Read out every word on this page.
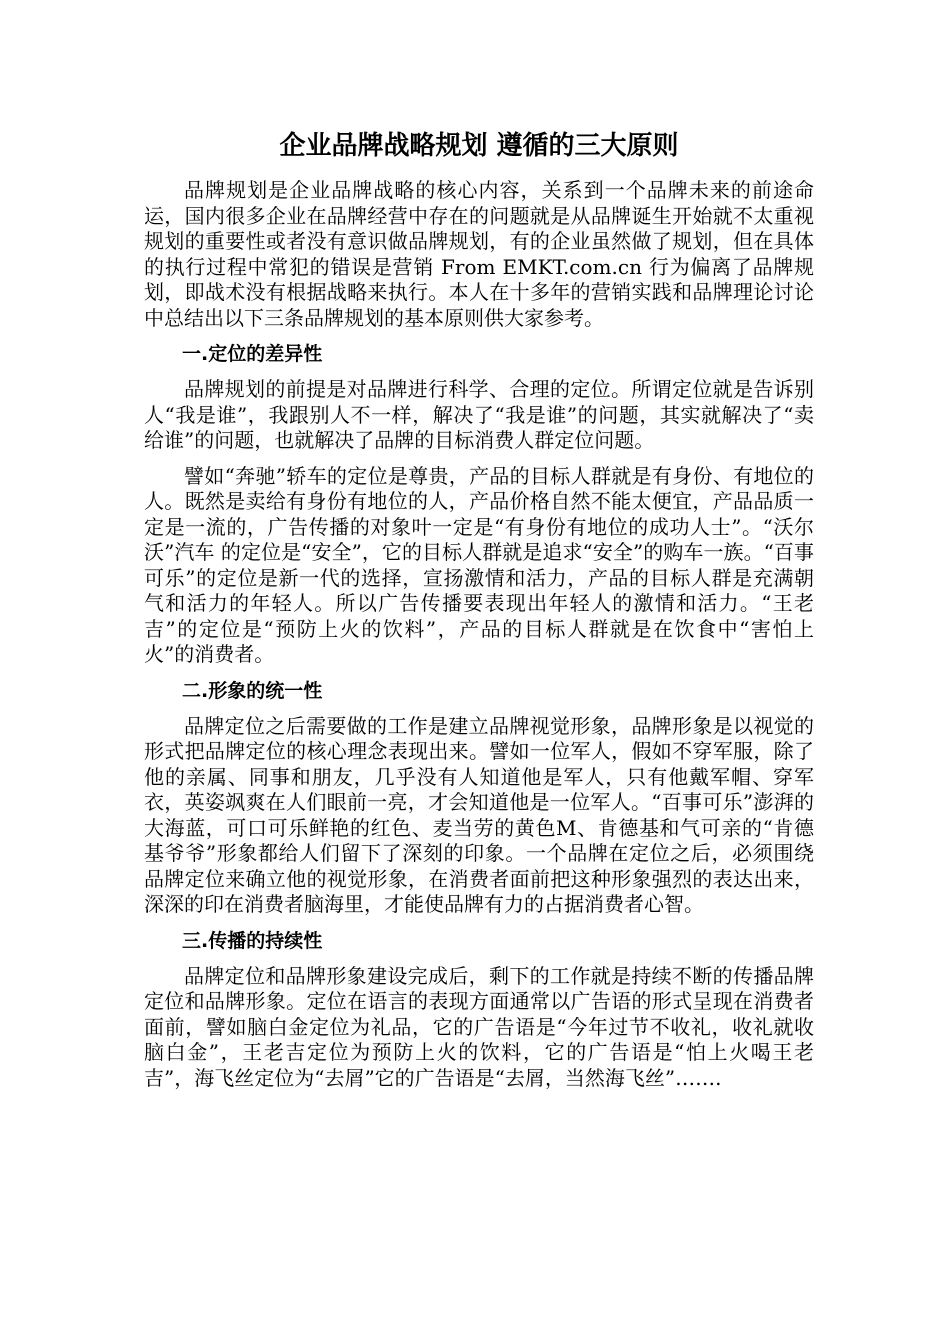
企业品牌战略规划 遵循的三大原则

品牌规划是企业品牌战略的核心内容，关系到一个品牌未来的前途命运，国内很多企业在品牌经营中存在的问题就是从品牌诞生开始就不太重视规划的重要性或者没有意识做品牌规划，有的企业虽然做了规划，但在具体的执行过程中常犯的错误是营销 From EMKT.com.cn 行为偏离了品牌规划，即战术没有根据战略来执行。本人在十多年的营销实践和品牌理论讨论中总结出以下三条品牌规划的基本原则供大家参考。

一.定位的差异性

品牌规划的前提是对品牌进行科学、合理的定位。所谓定位就是告诉别人“我是谁”，我跟别人不一样，解决了“我是谁”的问题，其实就解决了“卖给谁”的问题，也就解决了品牌的目标消费人群定位问题。

譬如“奔驰”轿车的定位是尊贵，产品的目标人群就是有身份、有地位的人。既然是卖给有身份有地位的人，产品价格自然不能太便宜，产品品质一定是一流的，广告传播的对象叶一定是“有身份有地位的成功人士”。“沃尔沃”汽车 的定位是“安全”，它的目标人群就是追求“安全”的购车一族。“百事可乐”的定位是新一代的选择，宣扬激情和活力，产品的目标人群是充满朝气和活力的年轻人。所以广告传播要表现出年轻人的激情和活力。“王老吉”的定位是“预防上火的饮料”，产品的目标人群就是在饮食中“害怕上火”的消费者。

二.形象的统一性

品牌定位之后需要做的工作是建立品牌视觉形象，品牌形象是以视觉的形式把品牌定位的核心理念表现出来。譬如一位军人，假如不穿军服，除了他的亲属、同事和朋友，几乎没有人知道他是军人，只有他戴军帽、穿军衣，英姿飒爽在人们眼前一亮，才会知道他是一位军人。“百事可乐”澎湃的大海蓝，可口可乐鲜艳的红色、麦当劳的黄色M、肯德基和气可亲的“肯德基爷爷”形象都给人们留下了深刻的印象。一个品牌在定位之后，必须围绕品牌定位来确立他的视觉形象，在消费者面前把这种形象强烈的表达出来，深深的印在消费者脑海里，才能使品牌有力的占据消费者心智。

三.传播的持续性

品牌定位和品牌形象建设完成后，剩下的工作就是持续不断的传播品牌定位和品牌形象。定位在语言的表现方面通常以广告语的形式呈现在消费者面前，譬如脑白金定位为礼品，它的广告语是“今年过节不收礼，收礼就收脑白金”，王老吉定位为预防上火的饮料，它的广告语是“怕上火喝王老吉”，海飞丝定位为“去屑”它的广告语是“去屑，当然海飞丝”…….
